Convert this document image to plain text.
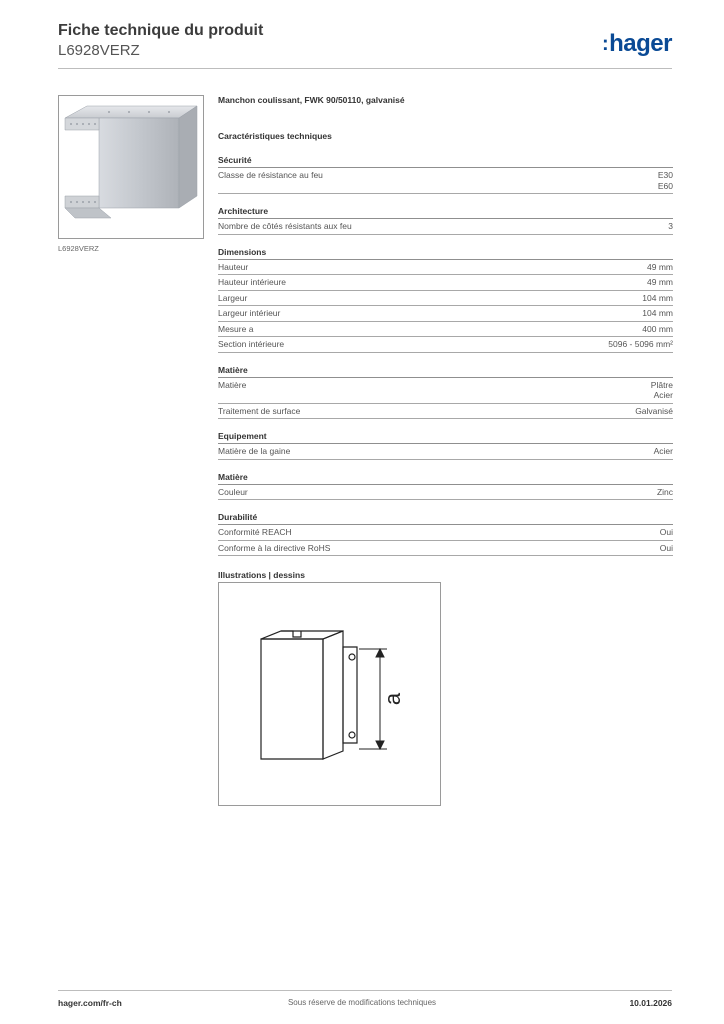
Fiche technique du produit
L6928VERZ	:hager
L6928VERZ
Manchon coulissant, FWK 90/50110, galvanisé
Caractéristiques techniques
Sécurité
Classe de résistance au feu	E30
E60
Architecture
Nombre de côtés résistants aux feu	3
Dimensions
Hauteur	49 mm
Hauteur intérieure	49 mm
Largeur	104 mm
Largeur intérieur	104 mm
Mesure a	400 mm
Section intérieure	5096 - 5096 mm²
Matière
Matière	Plâtre
Acier
Traitement de surface	Galvanisé
Equipement
Matière de la gaine	Acier
Matière
Couleur	Zinc
Durabilité
Conformité REACH	Oui
Conforme à la directive RoHS	Oui
Illustrations | dessins
a
hager.com/fr-ch	Sous réserve de modifications techniques	10.01.2026
